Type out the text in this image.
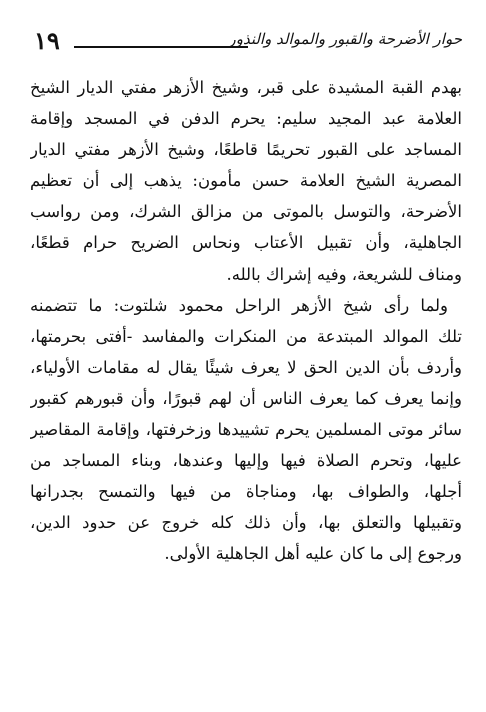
حوار الأضرحة والقبور والموالد والنذور
١٩
بهدم القبة المشيدة على قبر، وشيخ الأزهر مفتي الديار الشيخ
العلامة عبد المجيد سليم: يحرم الدفن في المسجد وإقامة
المساجد على القبور تحريمًا قاطعًا، وشيخ الأزهر مفتي الديار
المصرية الشيخ العلامة حسن مأمون: يذهب إلى أن تعظيم
الأضرحة، والتوسل بالموتى من مزالق الشرك، ومن رواسب
الجاهلية، وأن تقبيل الأعتاب ونحاس الضريح حرام قطعًا،
ومناف للشريعة، وفيه إشراك بالله.
ولما رأى شيخ الأزهر الراحل محمود شلتوت: ما تتضمنه
تلك الموالد المبتدعة من المنكرات والمفاسد -أفتى بحرمتها،
وأردف بأن الدين الحق لا يعرف شيئًا يقال له مقامات الأولياء،
وإنما يعرف كما يعرف الناس أن لهم قبورًا، وأن قبورهم كقبور
سائر موتى المسلمين يحرم تشييدها وزخرفتها، وإقامة المقاصير
عليها، وتحرم الصلاة فيها وإليها وعندها، وبناء المساجد من
أجلها، والطواف بها، ومناجاة من فيها والتمسح بجدرانها
وتقبيلها والتعلق بها، وأن ذلك كله خروج عن حدود الدين،
ورجوع إلى ما كان عليه أهل الجاهلية الأولى.
